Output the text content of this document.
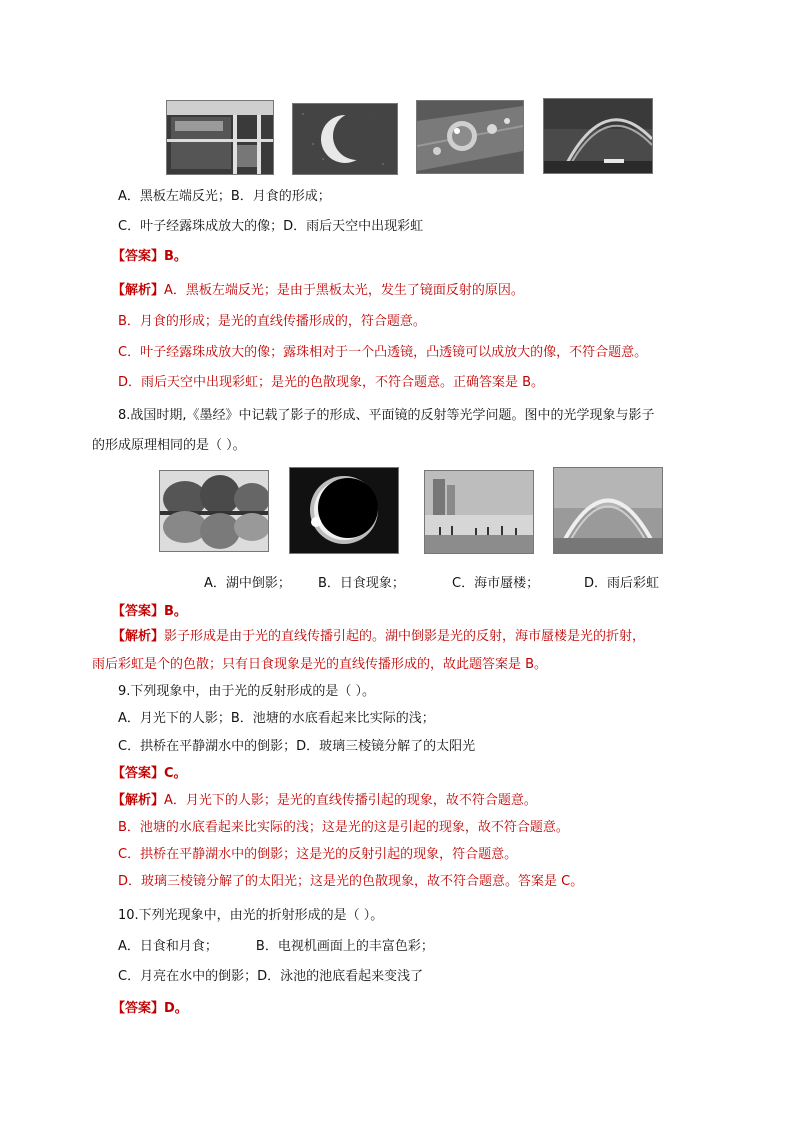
A．黑板左端反光；B．月食的形成；
C．叶子经露珠成放大的像；D．雨后天空中出现彩虹
【答案】B。
【解析】A．黑板左端反光；是由于黑板太光，发生了镜面反射的原因。
B．月食的形成；是光的直线传播形成的，符合题意。
C．叶子经露珠成放大的像；露珠相对于一个凸透镜，凸透镜可以成放大的像，不符合题意。
D．雨后天空中出现彩虹；是光的色散现象，不符合题意。正确答案是 B。
8.战国时期,《墨经》中记载了影子的形成、平面镜的反射等光学问题。图中的光学现象与影子
的形成原理相同的是（ ）。
A．湖中倒影； B．日食现象；	C．海市蜃楼；	D．雨后彩虹
【答案】B。
【解析】影子形成是由于光的直线传播引起的。湖中倒影是光的反射，海市蜃楼是光的折射，
雨后彩虹是个的色散；只有日食现象是光的直线传播形成的，故此题答案是 B。
9.下列现象中，由于光的反射形成的是（ ）。
A．月光下的人影；B．池塘的水底看起来比实际的浅；
C．拱桥在平静湖水中的倒影；D．玻璃三棱镜分解了的太阳光
【答案】C。
【解析】A．月光下的人影；是光的直线传播引起的现象，故不符合题意。
B．池塘的水底看起来比实际的浅；这是光的这是引起的现象，故不符合题意。
C．拱桥在平静湖水中的倒影；这是光的反射引起的现象，符合题意。
D．玻璃三棱镜分解了的太阳光；这是光的色散现象，故不符合题意。答案是 C。
10.下列光现象中，由光的折射形成的是（ ）。
A．日食和月食；	B．电视机画面上的丰富色彩；
C．月亮在水中的倒影；D．泳池的池底看起来变浅了
【答案】D。
